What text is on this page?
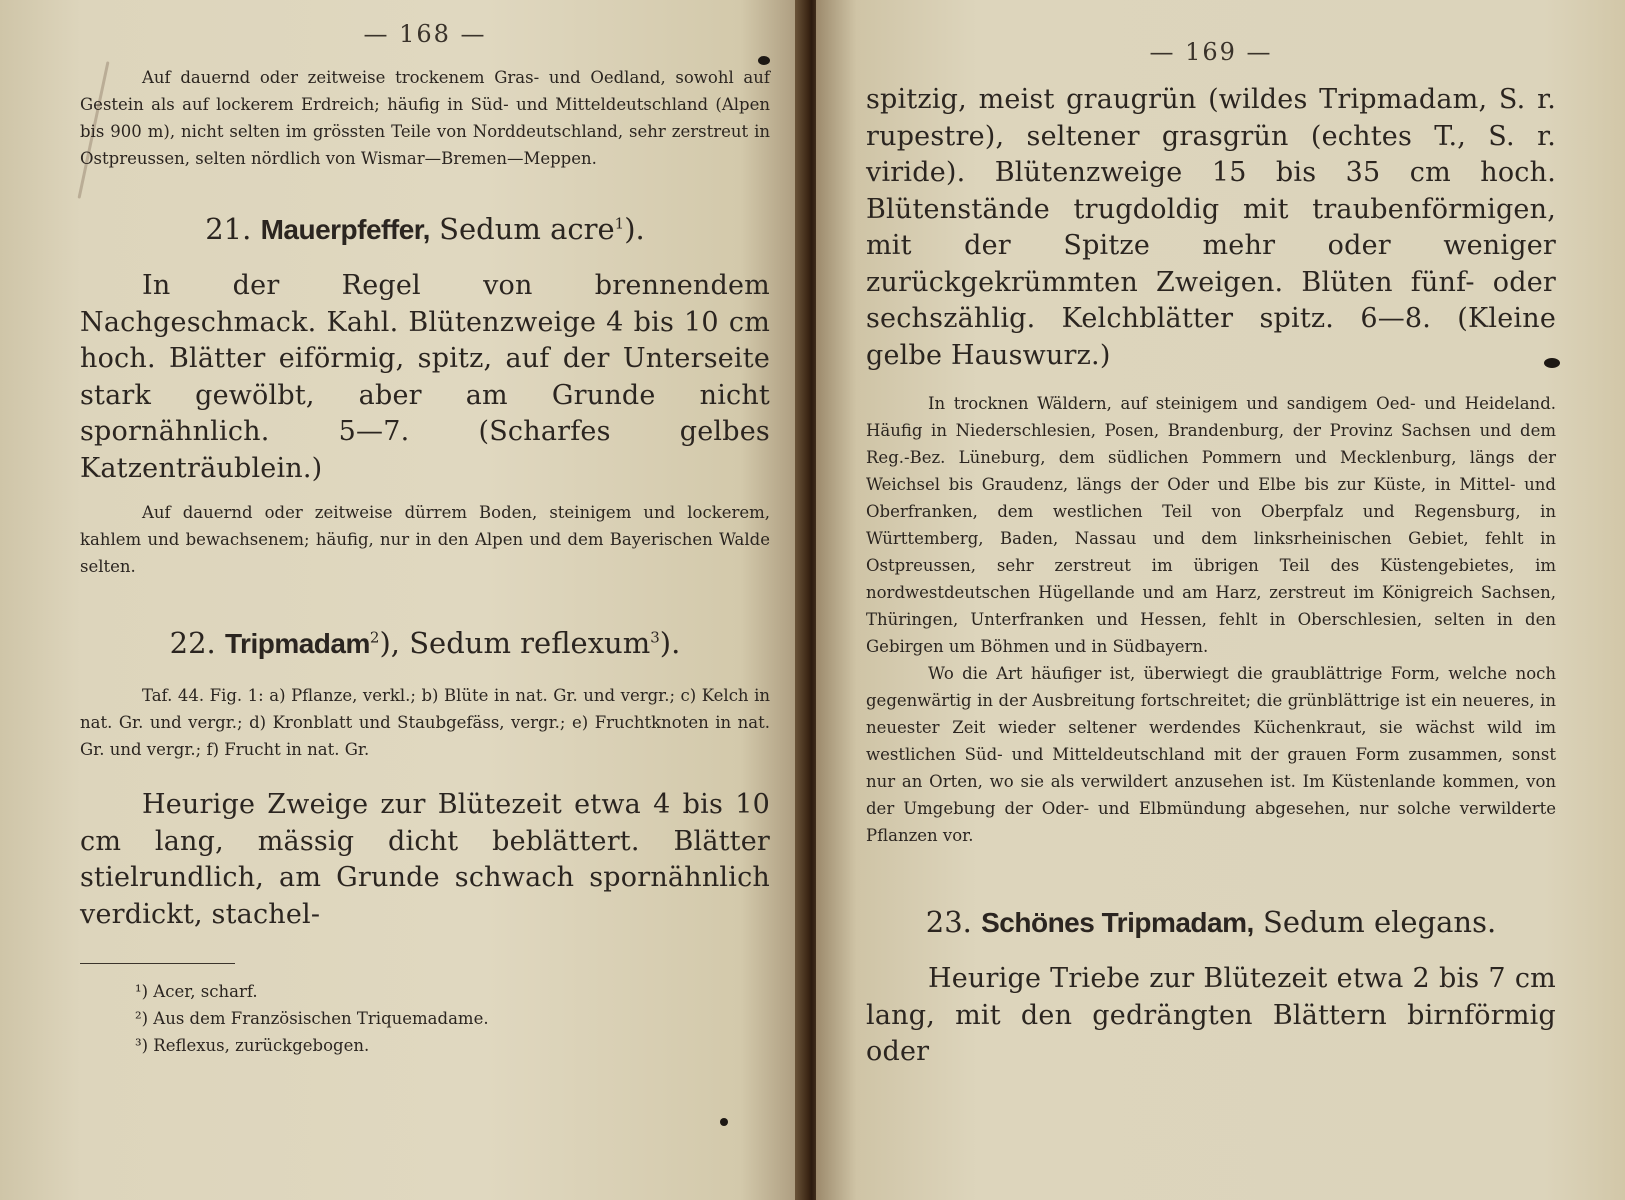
— 168 —

Auf dauernd oder zeitweise trockenem Gras- und Oedland, sowohl auf Gestein als auf lockerem Erdreich; häufig in Süd- und Mitteldeutschland (Alpen bis 900 m), nicht selten im grössten Teile von Norddeutschland, sehr zerstreut in Ostpreussen, selten nördlich von Wismar—Bremen—Meppen.

21. Mauerpfeffer, Sedum acre$^1$).

In der Regel von brennendem Nachgeschmack. Kahl. Blütenzweige 4 bis 10 cm hoch. Blätter eiförmig, spitz, auf der Unterseite stark gewölbt, aber am Grunde nicht spornähnlich. 5—7. (Scharfes gelbes Katzenträublein.)

Auf dauernd oder zeitweise dürrem Boden, steinigem und lockerem, kahlem und bewachsenem; häufig, nur in den Alpen und dem Bayerischen Walde selten.

22. Tripmadam$^2$), Sedum reflexum$^3$).

Taf. 44. Fig. 1: a) Pflanze, verkl.; b) Blüte in nat. Gr. und vergr.; c) Kelch in nat. Gr. und vergr.; d) Kronblatt und Staubgefäss, vergr.; e) Fruchtknoten in nat. Gr. und vergr.; f) Frucht in nat. Gr.

Heurige Zweige zur Blütezeit etwa 4 bis 10 cm lang, mässig dicht beblättert. Blätter stielrundlich, am Grunde schwach spornähnlich verdickt, stachel-

¹) Acer, scharf.

²) Aus dem Französischen Triquemadame.

³) Reflexus, zurückgebogen.

— 169 —

spitzig, meist graugrün (wildes Tripmadam, S. r. rupestre), seltener grasgrün (echtes T., S. r. viride). Blütenzweige 15 bis 35 cm hoch. Blütenstände trugdoldig mit traubenförmigen, mit der Spitze mehr oder weniger zurückgekrümmten Zweigen. Blüten fünf- oder sechszählig. Kelchblätter spitz. 6—8. (Kleine gelbe Hauswurz.)

In trocknen Wäldern, auf steinigem und sandigem Oed- und Heideland. Häufig in Niederschlesien, Posen, Brandenburg, der Provinz Sachsen und dem Reg.-Bez. Lüneburg, dem südlichen Pommern und Mecklenburg, längs der Weichsel bis Graudenz, längs der Oder und Elbe bis zur Küste, in Mittel- und Oberfranken, dem westlichen Teil von Oberpfalz und Regensburg, in Württemberg, Baden, Nassau und dem linksrheinischen Gebiet, fehlt in Ostpreussen, sehr zerstreut im übrigen Teil des Küstengebietes, im nordwestdeutschen Hügellande und am Harz, zerstreut im Königreich Sachsen, Thüringen, Unterfranken und Hessen, fehlt in Oberschlesien, selten in den Gebirgen um Böhmen und in Südbayern.

Wo die Art häufiger ist, überwiegt die graublättrige Form, welche noch gegenwärtig in der Ausbreitung fortschreitet; die grünblättrige ist ein neueres, in neuester Zeit wieder seltener werdendes Küchenkraut, sie wächst wild im westlichen Süd- und Mitteldeutschland mit der grauen Form zusammen, sonst nur an Orten, wo sie als verwildert anzusehen ist. Im Küstenlande kommen, von der Umgebung der Oder- und Elbmündung abgesehen, nur solche verwilderte Pflanzen vor.

23. Schönes Tripmadam, Sedum elegans.

Heurige Triebe zur Blütezeit etwa 2 bis 7 cm lang, mit den gedrängten Blättern birnförmig oder
